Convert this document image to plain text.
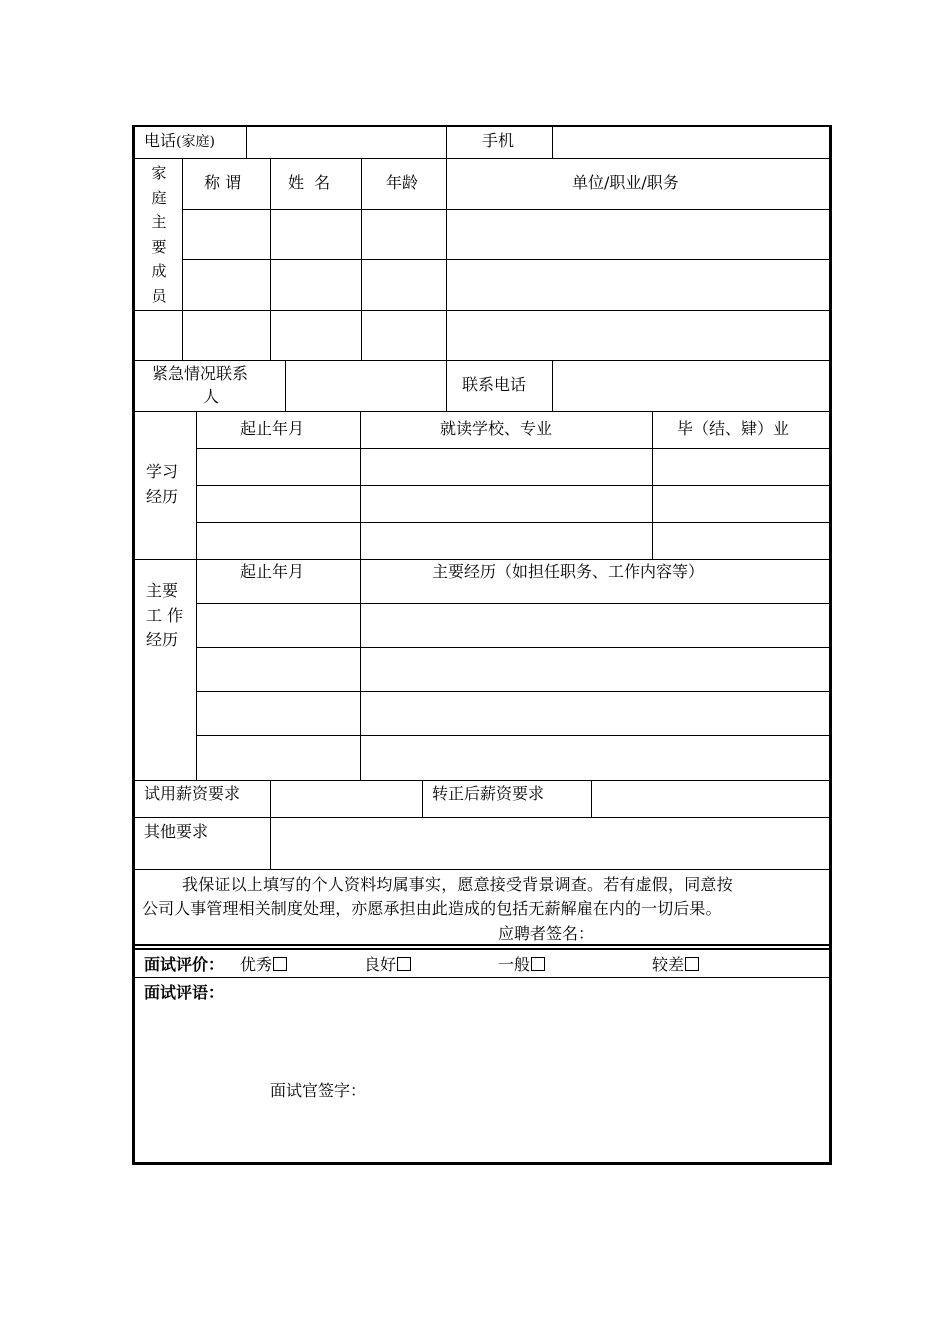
电话(家庭)	手机
家
庭
主
要
成
员
称 谓	姓  名	年龄	单位/职业/职务
紧急情况联系
人
联系电话
学习
经历
起止年月	就读学校、专业	毕（结、肄）业
主要
工 作
经历
起止年月	主要经历（如担任职务、工作内容等）
试用薪资要求	转正后薪资要求
其他要求
我保证以上填写的个人资料均属事实，愿意接受背景调查。若有虚假，同意按
公司人事管理相关制度处理，亦愿承担由此造成的包括无薪解雇在内的一切后果。
应聘者签名：
面试评价： 优秀	良好	一般	较差
面试评语：
面试官签字：
